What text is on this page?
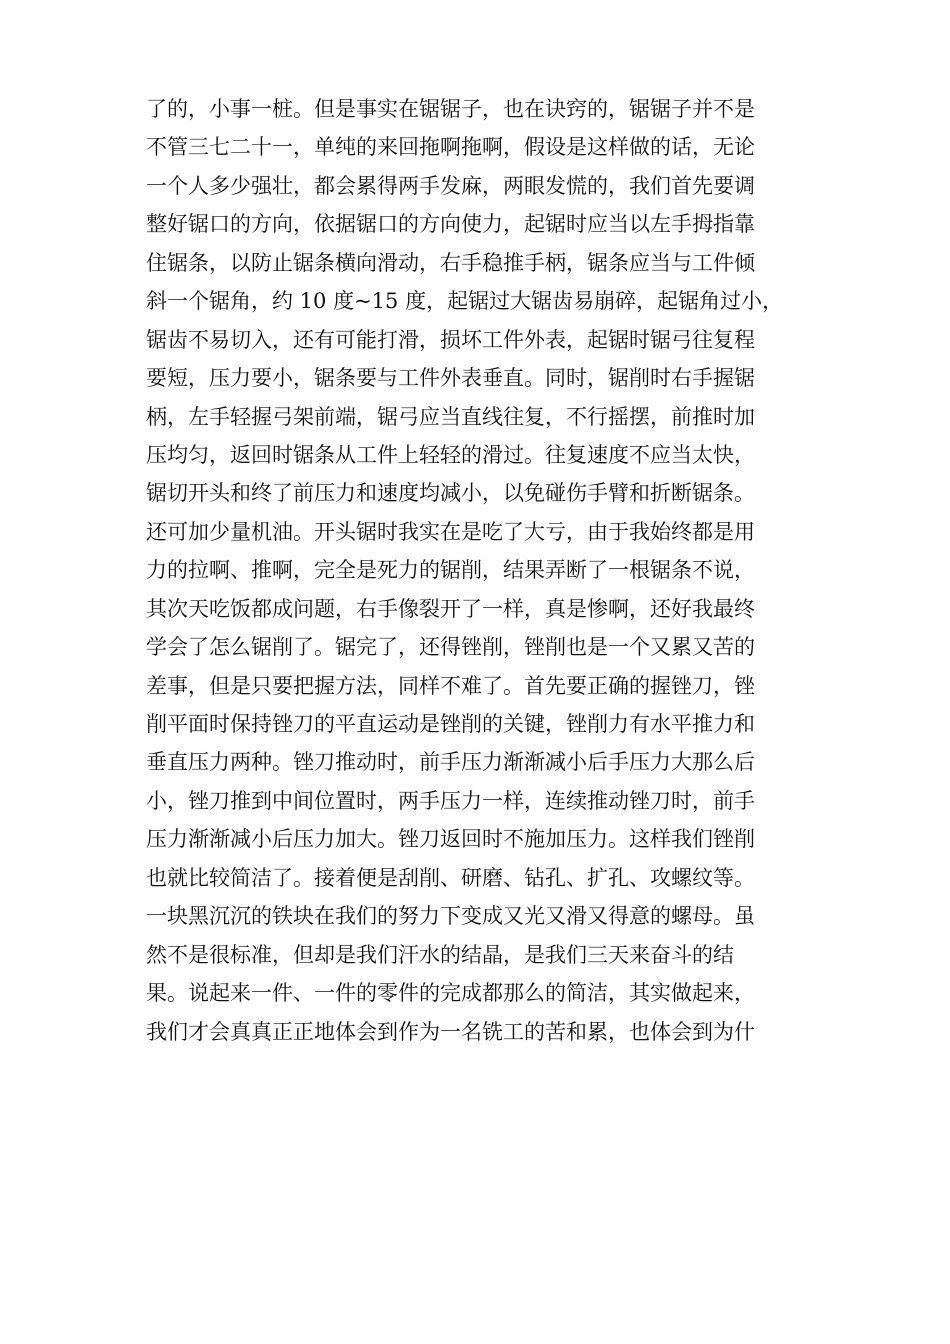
了的，小事一桩。但是事实在锯锯子，也在诀窍的，锯锯子并不是
不管三七二十一，单纯的来回拖啊拖啊，假设是这样做的话，无论
一个人多少强壮，都会累得两手发麻，两眼发慌的，我们首先要调
整好锯口的方向，依据锯口的方向使力，起锯时应当以左手拇指靠
住锯条，以防止锯条横向滑动，右手稳推手柄，锯条应当与工件倾
斜一个锯角，约 10 度~15 度，起锯过大锯齿易崩碎，起锯角过小，
锯齿不易切入，还有可能打滑，损坏工件外表，起锯时锯弓往复程
要短，压力要小，锯条要与工件外表垂直。同时，锯削时右手握锯
柄，左手轻握弓架前端，锯弓应当直线往复，不行摇摆，前推时加
压均匀，返回时锯条从工件上轻轻的滑过。往复速度不应当太快，
锯切开头和终了前压力和速度均减小，以免碰伤手臂和折断锯条。
还可加少量机油。开头锯时我实在是吃了大亏，由于我始终都是用
力的拉啊、推啊，完全是死力的锯削，结果弄断了一根锯条不说，
其次天吃饭都成问题，右手像裂开了一样，真是惨啊，还好我最终
学会了怎么锯削了。锯完了，还得锉削，锉削也是一个又累又苦的
差事，但是只要把握方法，同样不难了。首先要正确的握锉刀，锉
削平面时保持锉刀的平直运动是锉削的关键，锉削力有水平推力和
垂直压力两种。锉刀推动时，前手压力渐渐减小后手压力大那么后
小，锉刀推到中间位置时，两手压力一样，连续推动锉刀时，前手
压力渐渐减小后压力加大。锉刀返回时不施加压力。这样我们锉削
也就比较简洁了。接着便是刮削、研磨、钻孔、扩孔、攻螺纹等。
一块黑沉沉的铁块在我们的努力下变成又光又滑又得意的螺母。虽
然不是很标准，但却是我们汗水的结晶，是我们三天来奋斗的结
果。说起来一件、一件的零件的完成都那么的简洁，其实做起来，
我们才会真真正正地体会到作为一名铣工的苦和累，也体会到为什
